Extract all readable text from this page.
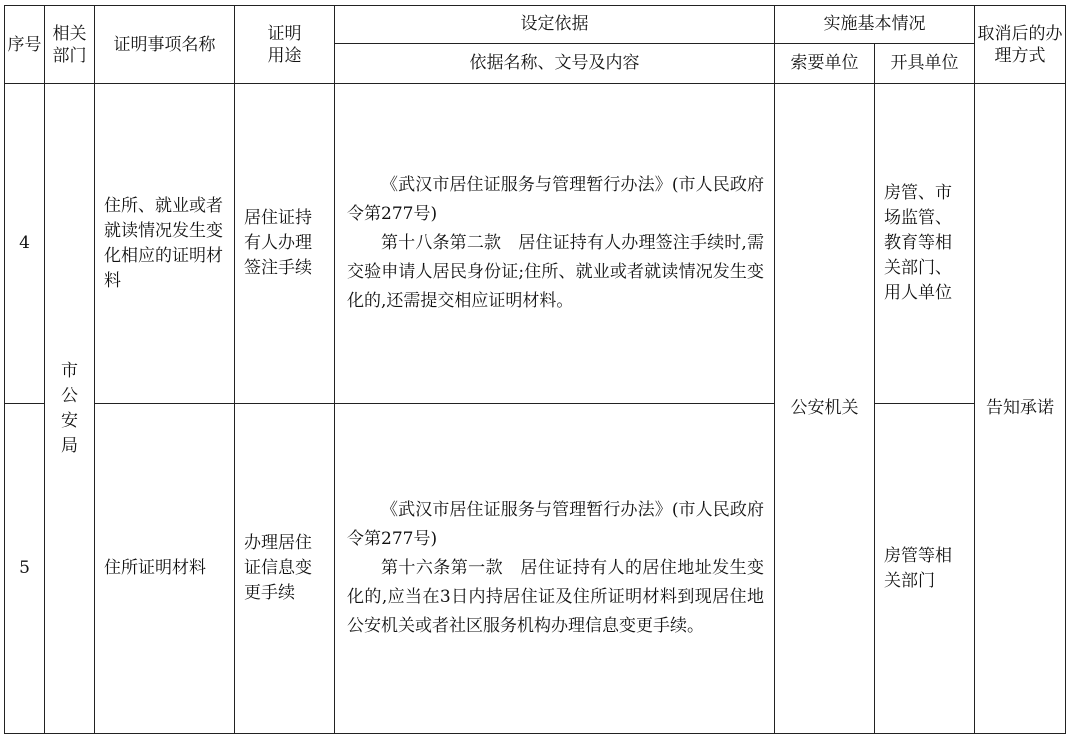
序号	相关部门	证明事项名称	证明用途	设定依据	实施基本情况		取消后的办理方式
				依据名称、文号及内容	索要单位	开具单位	
4	市公安局	住所、就业或者就读情况发生变化相应的证明材料	居住证持有人办理签注手续	《武汉市居住证服务与管理暂行办法》(市人民政府令第277号)

第十八条第二款　居住证持有人办理签注手续时,需交验申请人居民身份证;住所、就业或者就读情况发生变化的,还需提交相应证明材料。	公安机关	房管、市场监管、教育等相关部门、用人单位	告知承诺
5		住所证明材料	办理居住证信息变更手续	《武汉市居住证服务与管理暂行办法》(市人民政府令第277号)

第十六条第一款　居住证持有人的居住地址发生变化的,应当在3日内持居住证及住所证明材料到现居住地公安机关或者社区服务机构办理信息变更手续。		房管等相关部门	
